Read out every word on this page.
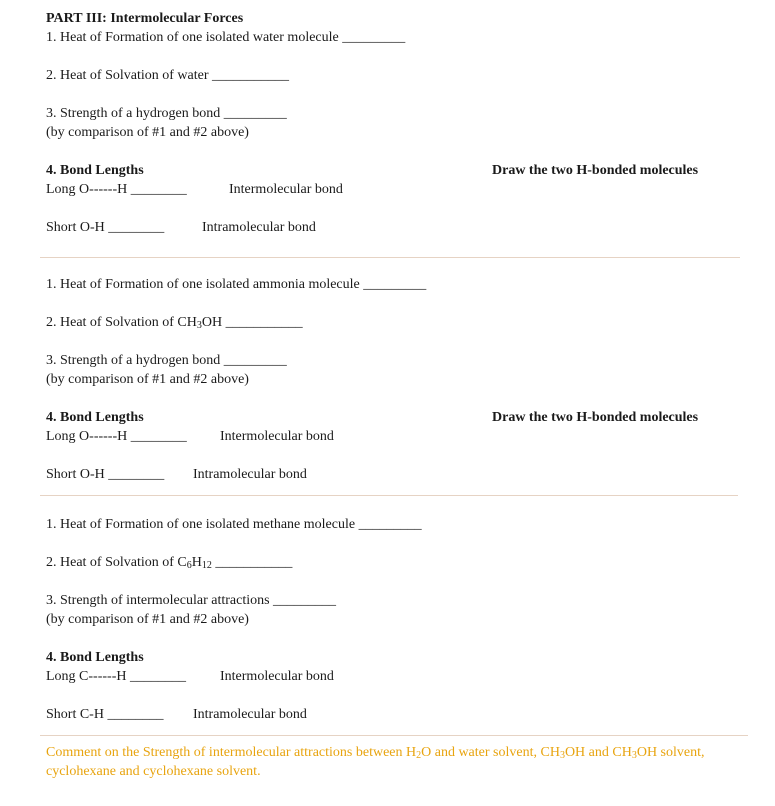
PART III: Intermolecular Forces
1. Heat of Formation of one isolated water molecule _________
2. Heat of Solvation of water ___________
3. Strength of a hydrogen bond _________
(by comparison of #1 and #2 above)
4. Bond Lengths	Draw the two H-bonded molecules
Long O------H ________	Intermolecular bond
Short O-H ________	Intramolecular bond
1. Heat of Formation of one isolated ammonia molecule _________
2. Heat of Solvation of $CH_3OH$ ___________
3. Strength of a hydrogen bond _________
(by comparison of #1 and #2 above)
4. Bond Lengths	Draw the two H-bonded molecules
Long O------H ________ Intermolecular bond
Short O-H ________ Intramolecular bond
1. Heat of Formation of one isolated methane molecule _________
2. Heat of Solvation of $C_6H_{12}$ ___________
3. Strength of intermolecular attractions _________
(by comparison of #1 and #2 above)
4. Bond Lengths
Long C------H ________ Intermolecular bond
Short C-H ________ Intramolecular bond
Comment on the Strength of intermolecular attractions between $H_2O$ and water solvent, $CH_3OH$ and $CH_3OH$ solvent, cyclohexane and cyclohexane solvent.
